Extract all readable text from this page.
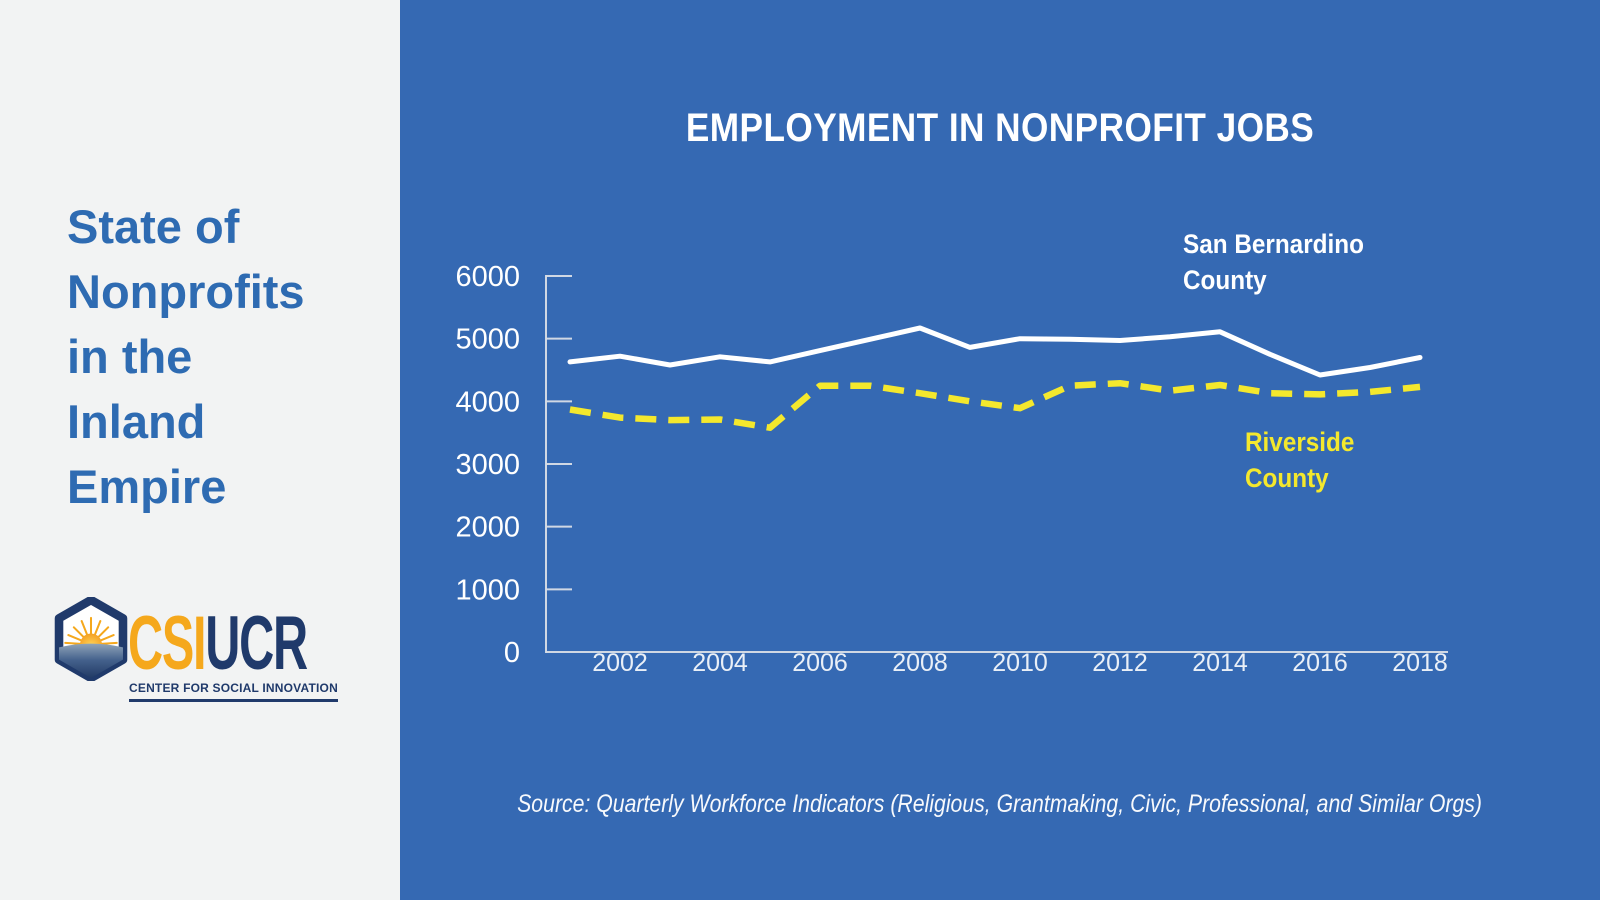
State of
Nonprofits
in the
Inland
Empire
CSIUCR
CENTER FOR SOCIAL INNOVATION
EMPLOYMENT IN NONPROFIT JOBS
0
1000
2000
3000
4000
5000
6000
2002 2004 2006 2008 2010 2012 2014 2016 2018
San Bernardino
County
Riverside
County
Source: Quarterly Workforce Indicators (Religious, Grantmaking, Civic, Professional, and Similar Orgs)
